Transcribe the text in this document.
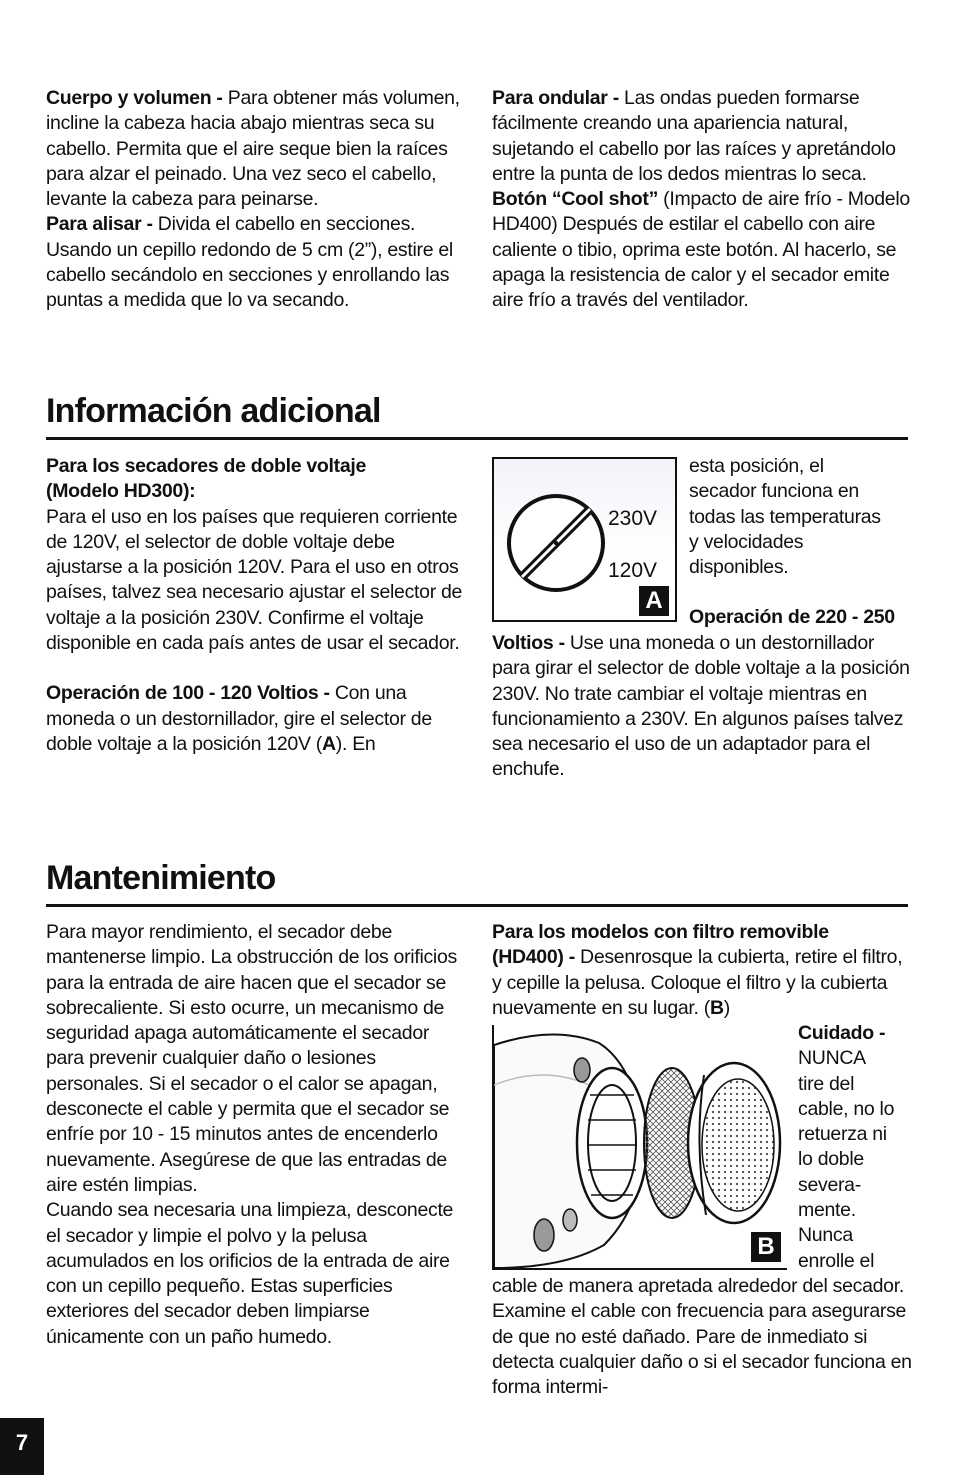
Cuerpo y volumen - Para obtener más volumen, incline la cabeza hacia abajo mientras seca su cabello. Permita que el aire seque bien la raíces para alzar el peinado. Una vez seco el cabello, levante la cabeza para peinarse.

Para alisar - Divida el cabello en secciones. Usando un cepillo redondo de 5 cm (2”), estire el cabello secándolo en secciones y enrollando las puntas a medida que lo va secando.

Para ondular - Las ondas pueden formarse fácilmente creando una apariencia natural, sujetando el cabello por las raíces y apretándolo entre la punta de los dedos mientras lo seca.

Botón “Cool shot” (Impacto de aire frío - Modelo HD400) Después de estilar el cabello con aire caliente o tibio, oprima este botón. Al hacerlo, se apaga la resistencia de calor y el secador emite aire frío a través del ventilador.

Información adicional

Para los secadores de doble voltaje
(Modelo HD300):

Para el uso en los países que requieren corriente de 120V, el selector de doble voltaje debe ajustarse a la posición 120V. Para el uso en otros países, talvez sea necesario ajustar el selector de voltaje a la posición 230V. Confirme el voltaje disponible en cada país antes de usar el secador.

Operación de 100 - 120 Voltios - Con una moneda o un destornillador, gire el selector de doble voltaje a la posición 120V (A). En

230V
120V
A

esta posición, el

secador funciona en

todas las temperaturas

y velocidades

disponibles.

Operación de 220 - 250

Voltios - Use una moneda o un destornillador para girar el selector de doble voltaje a la posición 230V. No trate cambiar el voltaje mientras en funcionamiento a 230V. En algunos países talvez sea necesario el uso de un adaptador para el enchufe.

Mantenimiento

Para mayor rendimiento, el secador debe mantenerse limpio. La obstrucción de los orificios para la entrada de aire hacen que el secador se sobrecaliente. Si esto ocurre, un mecanismo de seguridad apaga automáticamente el secador para prevenir cualquier daño o lesiones personales. Si el secador o el calor se apagan, desconecte el cable y permita que el secador se enfríe por 10 - 15 minutos antes de encenderlo nuevamente. Asegúrese de que las entradas de aire estén limpias.

Cuando sea necesaria una limpieza, desconecte el secador y limpie el polvo y la pelusa acumulados en los orificios de la entrada de aire con un cepillo pequeño. Estas superficies exteriores del secador deben limpiarse únicamente con un paño humedo.

Para los modelos con filtro removible
(HD400) - Desenrosque la cubierta, retire el filtro, y cepille la pelusa. Coloque el filtro y la cubierta nuevamente en su lugar. (B)

B

Cuidado -

NUNCA

tire del

cable, no lo

retuerza ni

lo doble

severa-

mente.

Nunca

enrolle el

cable de manera apretada alrededor del secador. Examine el cable con frecuencia para asegurarse de que no esté dañado. Pare de inmediato si detecta cualquier daño o si el secador funciona en forma intermi-

7
